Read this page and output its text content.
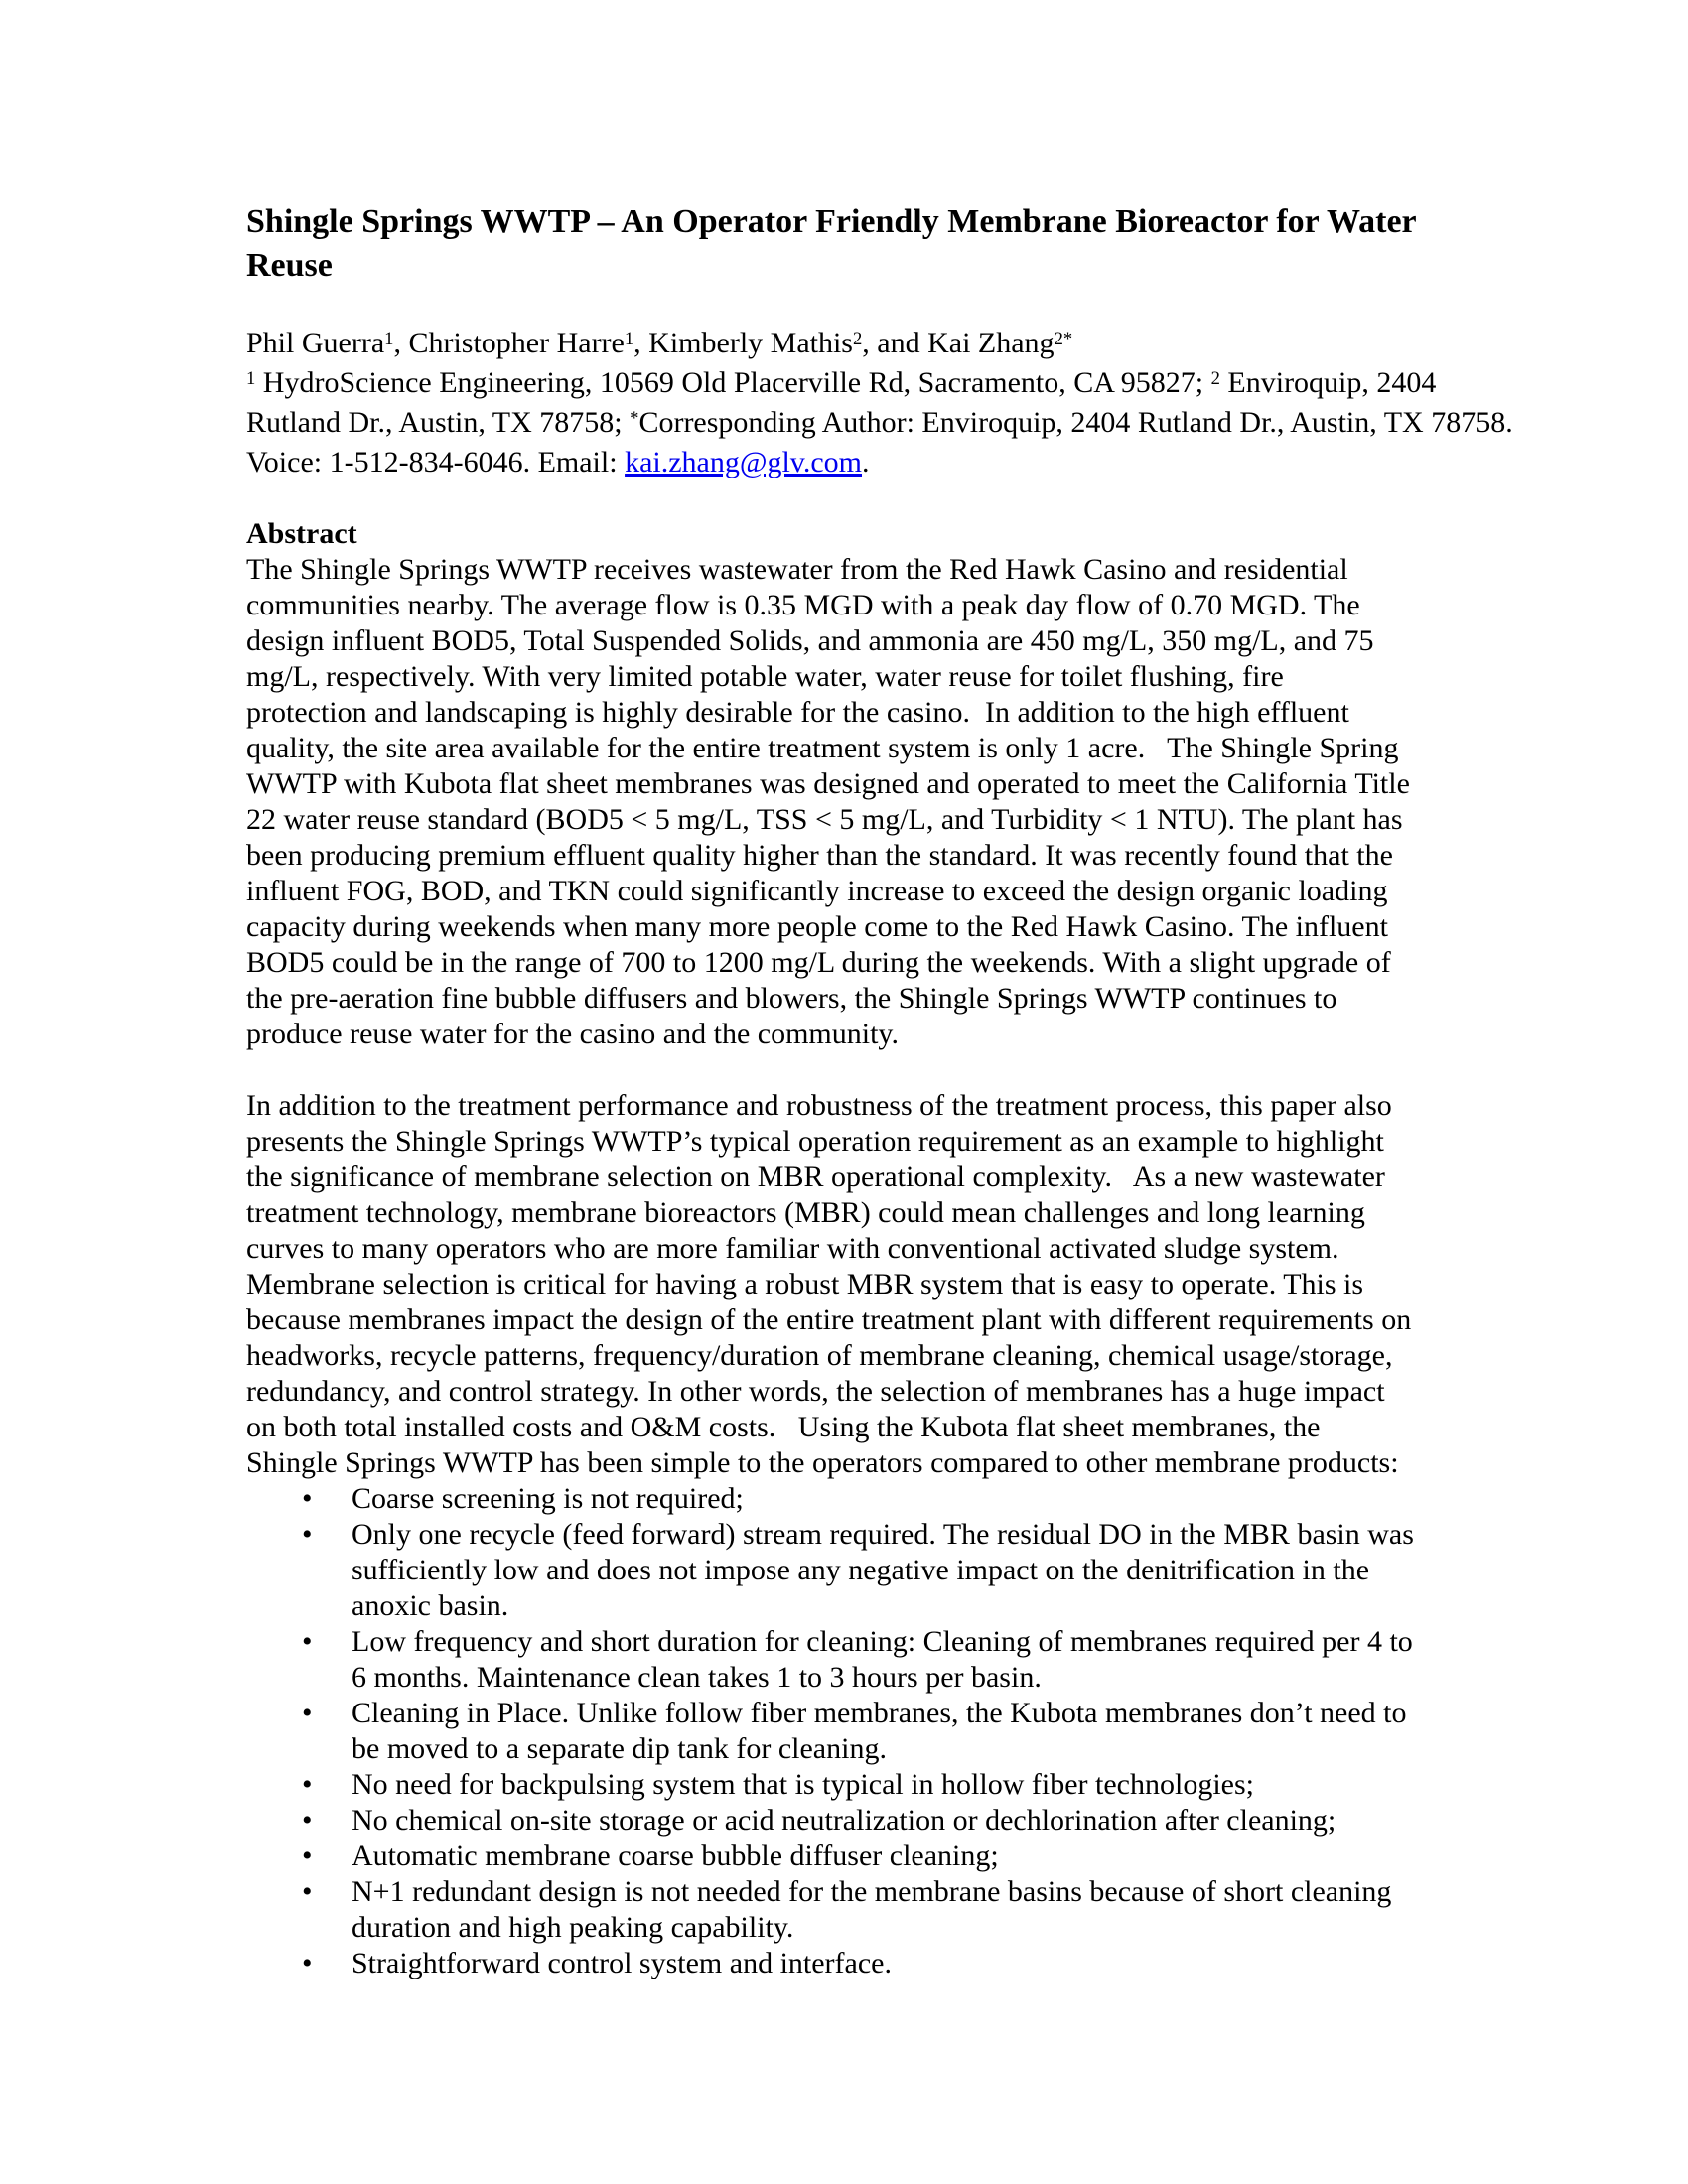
Shingle Springs WWTP – An Operator Friendly Membrane Bioreactor for Water
Reuse
Phil Guerra$^1$, Christopher Harre$^1$, Kimberly Mathis$^2$, and Kai Zhang$^{2*}$
$^1$ HydroScience Engineering, 10569 Old Placerville Rd, Sacramento, CA 95827; $^2$ Enviroquip, 2404
Rutland Dr., Austin, TX 78758; *Corresponding Author: Enviroquip, 2404 Rutland Dr., Austin, TX 78758.
Voice: 1-512-834-6046. Email: kai.zhang@glv.com.
Abstract
The Shingle Springs WWTP receives wastewater from the Red Hawk Casino and residential
communities nearby. The average flow is 0.35 MGD with a peak day flow of 0.70 MGD. The
design influent BOD5, Total Suspended Solids, and ammonia are 450 mg/L, 350 mg/L, and 75
mg/L, respectively. With very limited potable water, water reuse for toilet flushing, fire
protection and landscaping is highly desirable for the casino.  In addition to the high effluent
quality, the site area available for the entire treatment system is only 1 acre.   The Shingle Spring
WWTP with Kubota flat sheet membranes was designed and operated to meet the California Title
22 water reuse standard (BOD5 < 5 mg/L, TSS < 5 mg/L, and Turbidity < 1 NTU). The plant has
been producing premium effluent quality higher than the standard. It was recently found that the
influent FOG, BOD, and TKN could significantly increase to exceed the design organic loading
capacity during weekends when many more people come to the Red Hawk Casino. The influent
BOD5 could be in the range of 700 to 1200 mg/L during the weekends. With a slight upgrade of
the pre-aeration fine bubble diffusers and blowers, the Shingle Springs WWTP continues to
produce reuse water for the casino and the community.
In addition to the treatment performance and robustness of the treatment process, this paper also
presents the Shingle Springs WWTP’s typical operation requirement as an example to highlight
the significance of membrane selection on MBR operational complexity.   As a new wastewater
treatment technology, membrane bioreactors (MBR) could mean challenges and long learning
curves to many operators who are more familiar with conventional activated sludge system.
Membrane selection is critical for having a robust MBR system that is easy to operate. This is
because membranes impact the design of the entire treatment plant with different requirements on
headworks, recycle patterns, frequency/duration of membrane cleaning, chemical usage/storage,
redundancy, and control strategy. In other words, the selection of membranes has a huge impact
on both total installed costs and O&M costs.   Using the Kubota flat sheet membranes, the
Shingle Springs WWTP has been simple to the operators compared to other membrane products:
•	Coarse screening is not required;
•	Only one recycle (feed forward) stream required. The residual DO in the MBR basin was
sufficiently low and does not impose any negative impact on the denitrification in the
anoxic basin.
•	Low frequency and short duration for cleaning: Cleaning of membranes required per 4 to
6 months. Maintenance clean takes 1 to 3 hours per basin.
•	Cleaning in Place. Unlike follow fiber membranes, the Kubota membranes don’t need to
be moved to a separate dip tank for cleaning.
•	No need for backpulsing system that is typical in hollow fiber technologies;
•	No chemical on-site storage or acid neutralization or dechlorination after cleaning;
•	Automatic membrane coarse bubble diffuser cleaning;
•	N+1 redundant design is not needed for the membrane basins because of short cleaning
duration and high peaking capability.
•	Straightforward control system and interface.
